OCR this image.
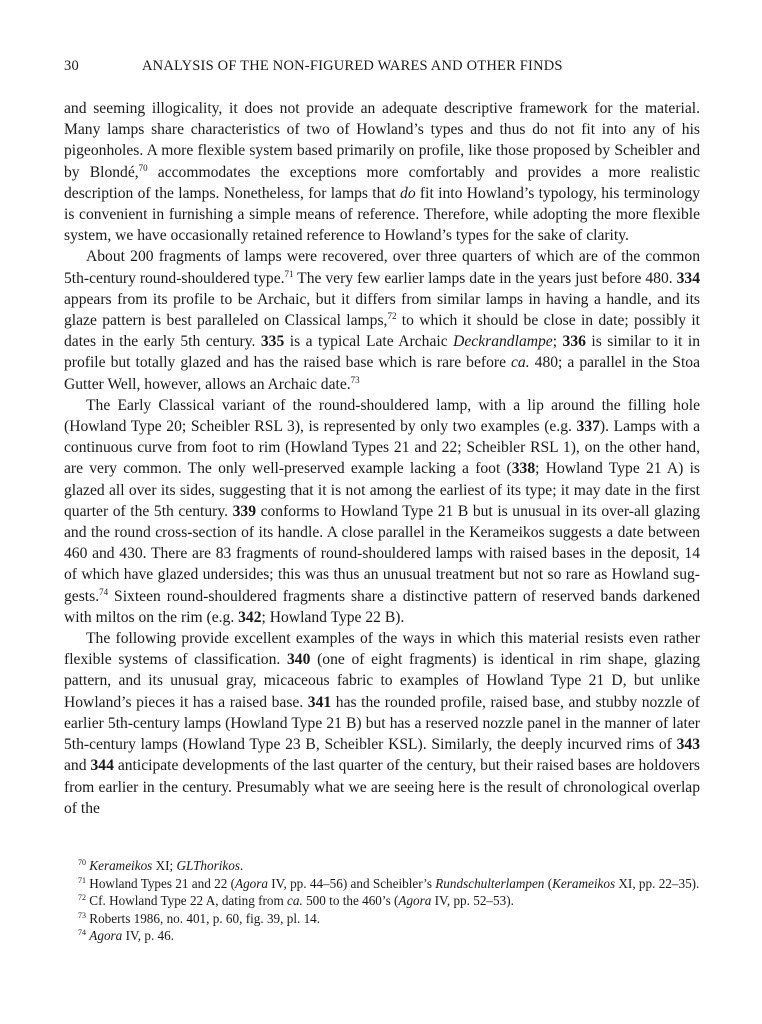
30	ANALYSIS OF THE NON-FIGURED WARES AND OTHER FINDS

and seeming illogicality, it does not provide an adequate descriptive framework for the material. Many lamps share characteristics of two of Howland’s types and thus do not fit into any of his pigeonholes. A more flexible system based primarily on profile, like those proposed by Scheibler and by Blondé,$^{70}$ accommodates the exceptions more comfortably and provides a more realistic description of the lamps. Nonetheless, for lamps that do fit into Howland’s typology, his terminology is convenient in furnishing a simple means of reference. Therefore, while adopting the more flexible system, we have occasionally retained reference to Howland’s types for the sake of clarity.

About 200 fragments of lamps were recovered, over three quarters of which are of the common 5th-century round-shouldered type.$^{71}$ The very few earlier lamps date in the years just before 480. 334 appears from its profile to be Archaic, but it differs from similar lamps in having a handle, and its glaze pattern is best paralleled on Classical lamps,$^{72}$ to which it should be close in date; possibly it dates in the early 5th century. 335 is a typical Late Archaic Deckrandlampe; 336 is similar to it in profile but totally glazed and has the raised base which is rare before ca. 480; a parallel in the Stoa Gutter Well, however, allows an Archaic date.$^{73}$

The Early Classical variant of the round-shouldered lamp, with a lip around the filling hole (Howland Type 20; Scheibler RSL 3), is represented by only two examples (e.g. 337). Lamps with a continuous curve from foot to rim (Howland Types 21 and 22; Scheibler RSL 1), on the other hand, are very common. The only well-preserved example lacking a foot (338; Howland Type 21 A) is glazed all over its sides, suggesting that it is not among the earliest of its type; it may date in the first quarter of the 5th century. 339 conforms to Howland Type 21 B but is unusual in its over-all glazing and the round cross-section of its handle. A close parallel in the Kerameikos suggests a date between 460 and 430. There are 83 fragments of round-shouldered lamps with raised bases in the deposit, 14 of which have glazed undersides; this was thus an unusual treatment but not so rare as Howland suggests.$^{74}$ Sixteen round-shouldered fragments share a distinctive pattern of reserved bands darkened with miltos on the rim (e.g. 342; Howland Type 22 B).

The following provide excellent examples of the ways in which this material resists even rather flexible systems of classification. 340 (one of eight fragments) is identical in rim shape, glazing pattern, and its unusual gray, micaceous fabric to examples of Howland Type 21 D, but unlike Howland’s pieces it has a raised base. 341 has the rounded profile, raised base, and stubby nozzle of earlier 5th-century lamps (Howland Type 21 B) but has a reserved nozzle panel in the manner of later 5th-century lamps (Howland Type 23 B, Scheibler KSL). Similarly, the deeply incurved rims of 343 and 344 anticipate developments of the last quarter of the century, but their raised bases are holdovers from earlier in the century. Presumably what we are seeing here is the result of chronological overlap of the

$^{70}$ Kerameikos XI; GLThorikos.
$^{71}$ Howland Types 21 and 22 (Agora IV, pp. 44–56) and Scheibler’s Rundschulterlampen (Kerameikos XI, pp. 22–35).
$^{72}$ Cf. Howland Type 22 A, dating from ca. 500 to the 460’s (Agora IV, pp. 52–53).
$^{73}$ Roberts 1986, no. 401, p. 60, fig. 39, pl. 14.
$^{74}$ Agora IV, p. 46.
